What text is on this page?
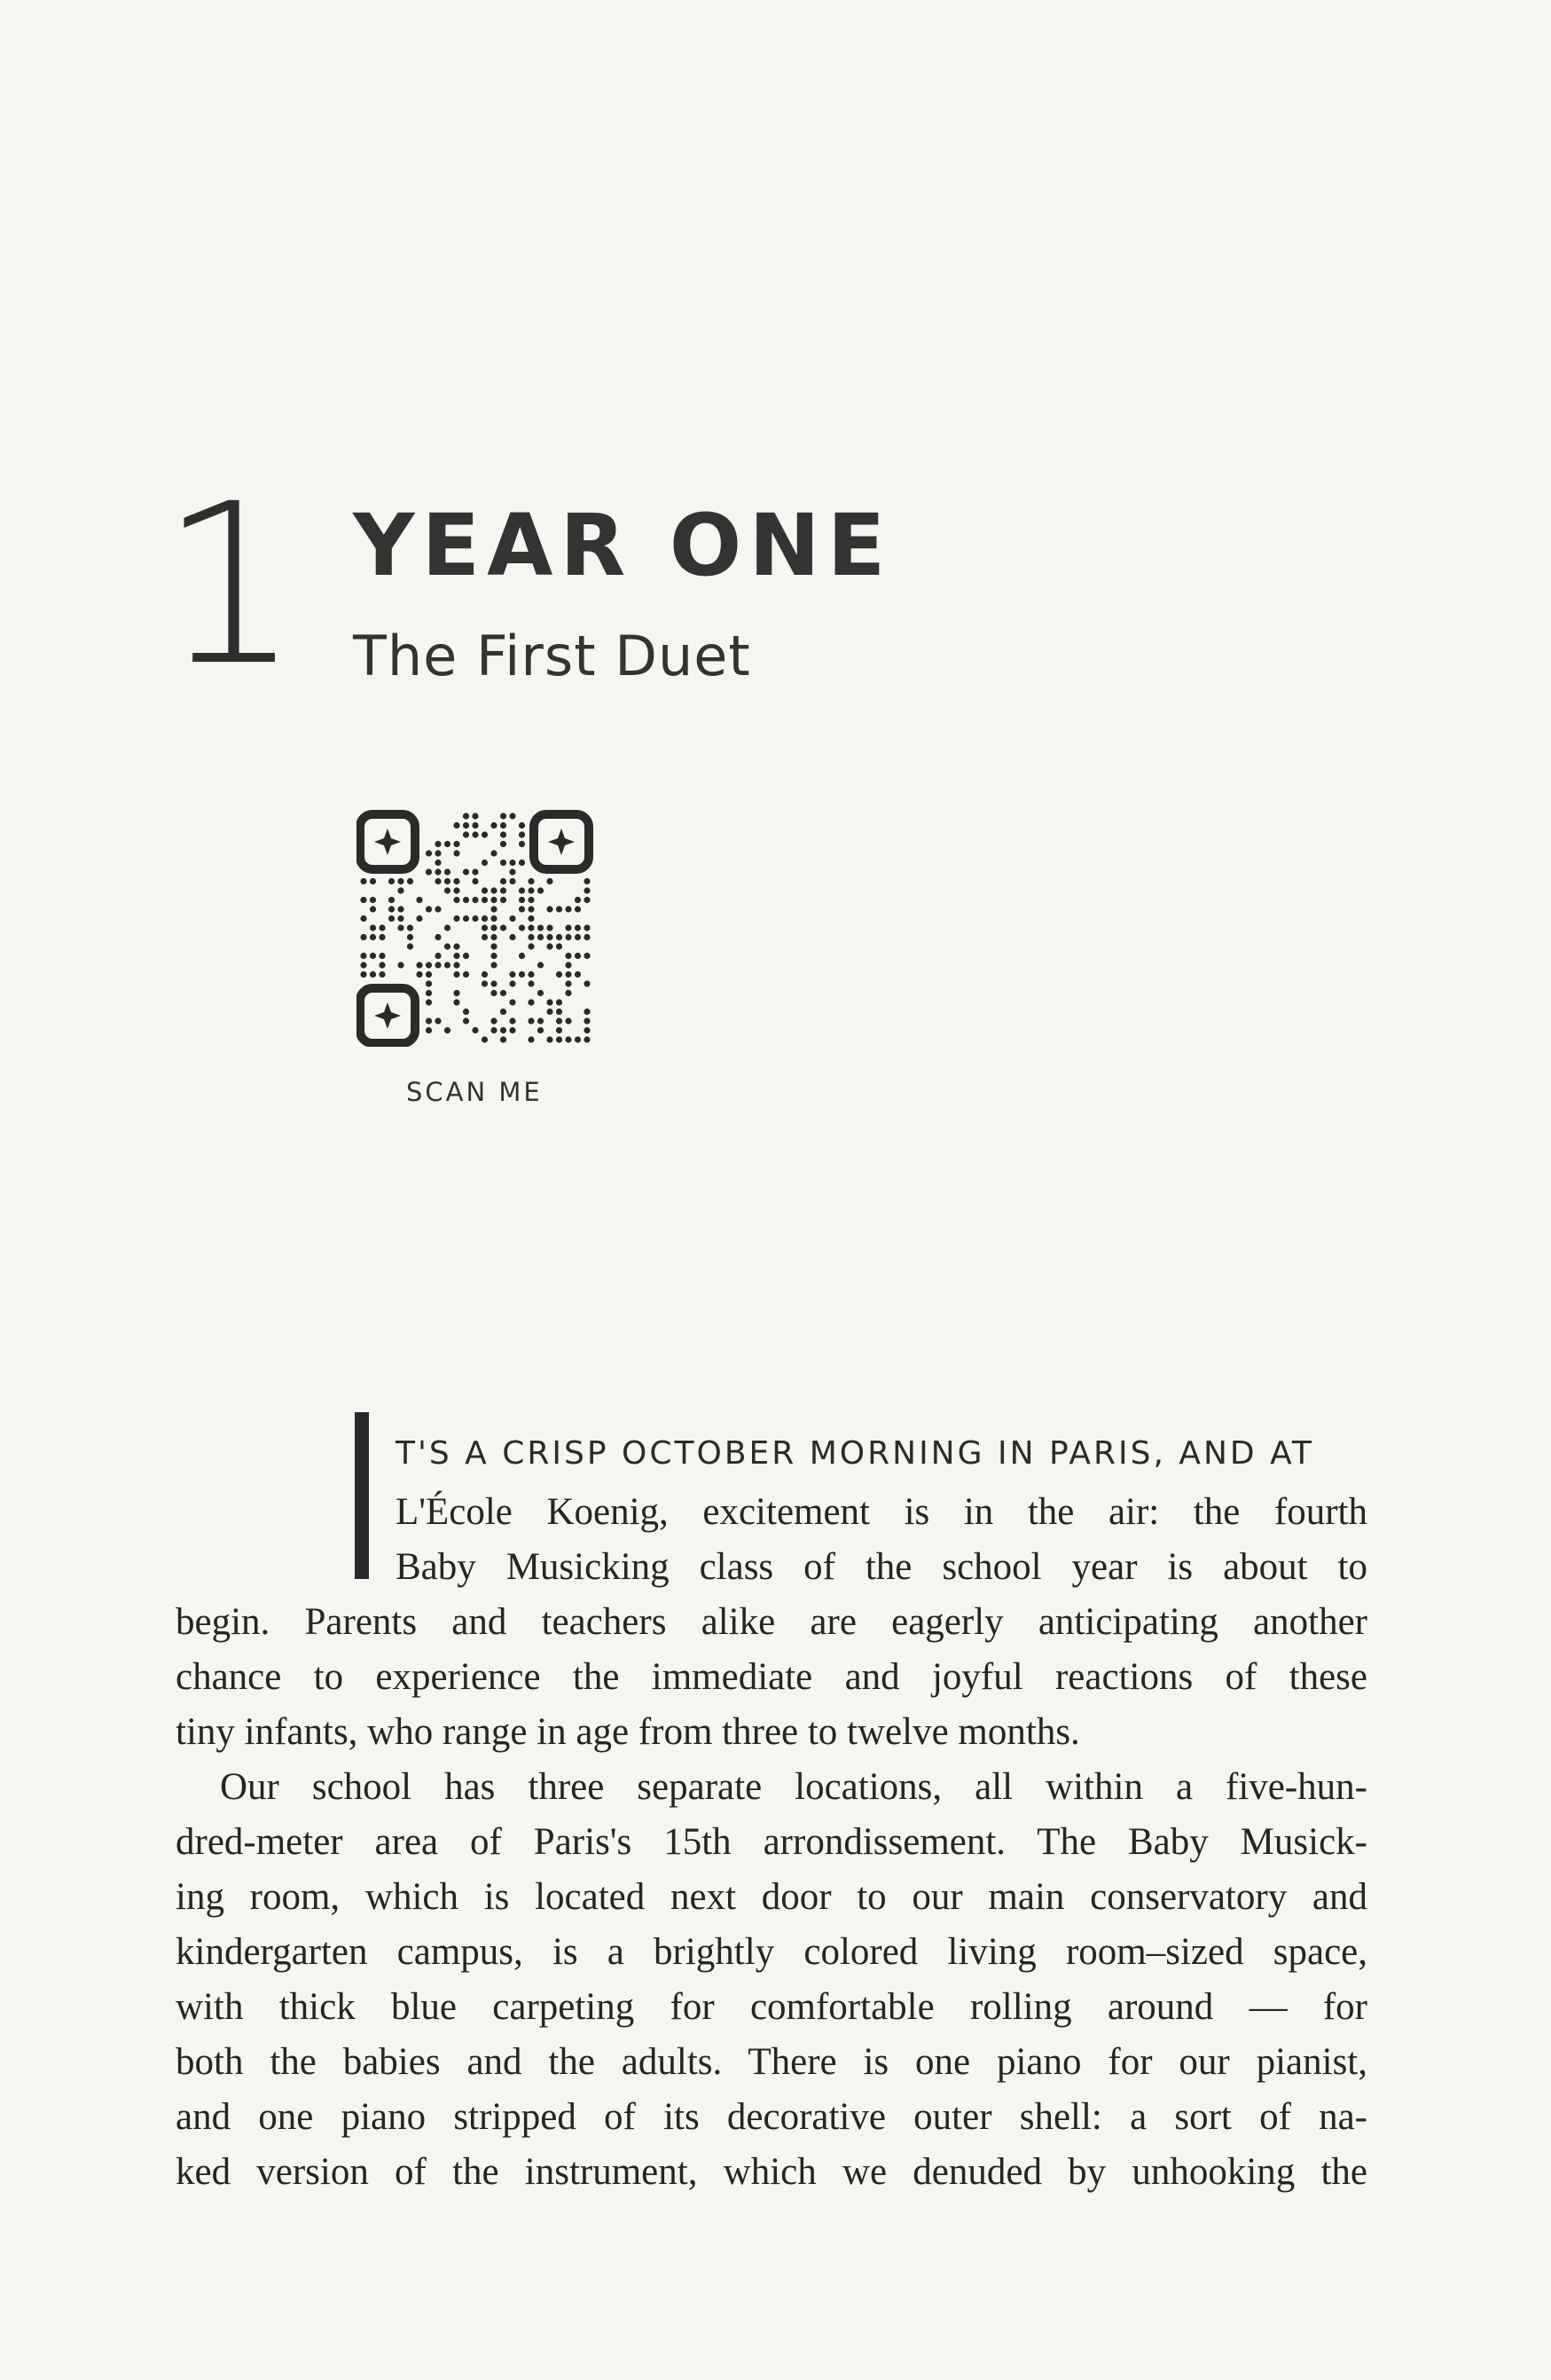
1 YEAR ONE
The First Duet
SCAN ME
T'S A CRISP OCTOBER MORNING IN PARIS, AND AT
L'École Koenig, excitement is in the air: the fourth
Baby Musicking class of the school year is about to
begin. Parents and teachers alike are eagerly anticipating another
chance to experience the immediate and joyful reactions of these
tiny infants, who range in age from three to twelve months.
Our school has three separate locations, all within a five-hun-
dred-meter area of Paris's 15th arrondissement. The Baby Musick-
ing room, which is located next door to our main conservatory and
kindergarten campus, is a brightly colored living room–sized space,
with thick blue carpeting for comfortable rolling around — for
both the babies and the adults. There is one piano for our pianist,
and one piano stripped of its decorative outer shell: a sort of na-
ked version of the instrument, which we denuded by unhooking the
